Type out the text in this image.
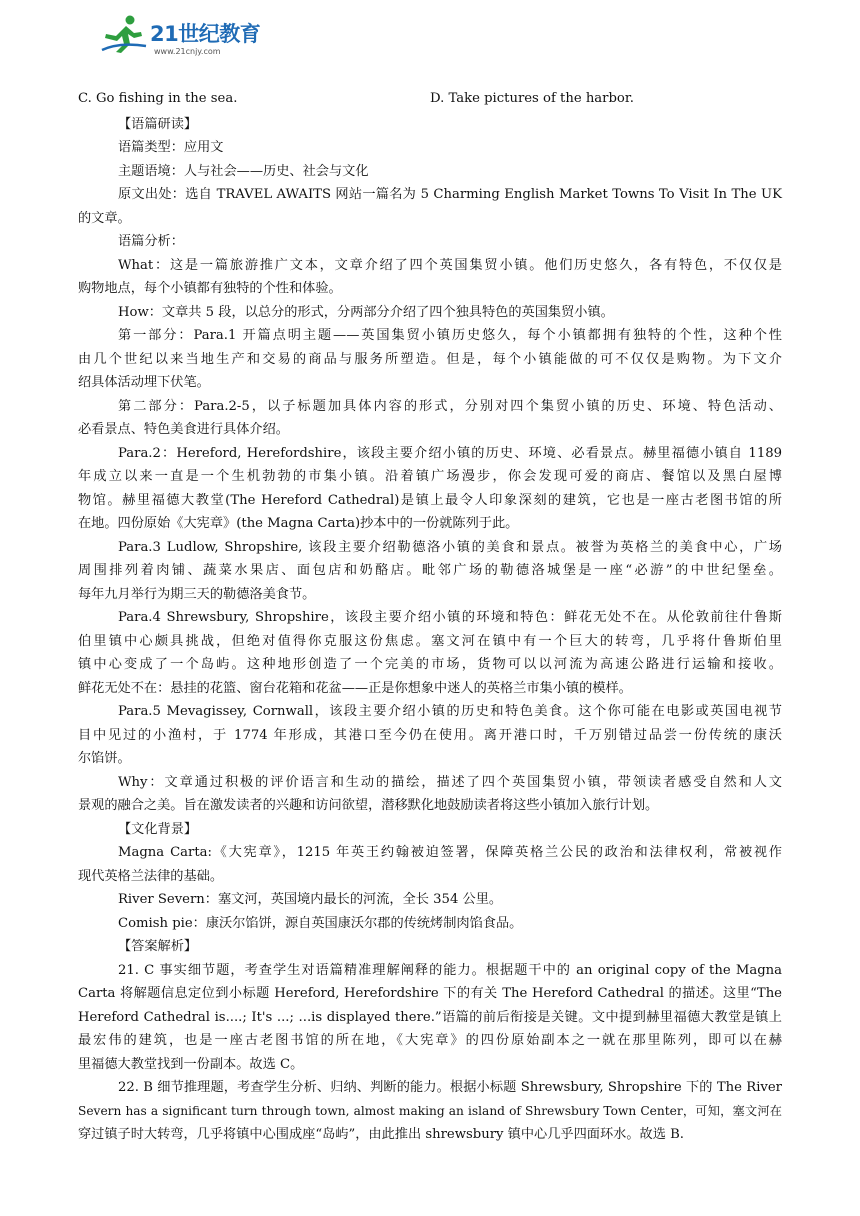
21世纪教育
www.21cnjy.com
C. Go fishing in the sea.	D. Take pictures of the harbor.
【语篇研读】
语篇类型：应用文
主题语境：人与社会——历史、社会与文化
原文出处：选自 TRAVEL AWAITS 网站一篇名为 5 Charming English Market Towns To Visit In The UK
的文章。
语篇分析：
What：这是一篇旅游推广文本，文章介绍了四个英国集贸小镇。他们历史悠久，各有特色，不仅仅是
购物地点，每个小镇都有独特的个性和体验。
How：文章共 5 段，以总分的形式，分两部分介绍了四个独具特色的英国集贸小镇。
第一部分：Para.1 开篇点明主题——英国集贸小镇历史悠久，每个小镇都拥有独特的个性，这种个性
由几个世纪以来当地生产和交易的商品与服务所塑造。但是，每个小镇能做的可不仅仅是购物。为下文介
绍具体活动埋下伏笔。
第二部分：Para.2-5，以子标题加具体内容的形式，分别对四个集贸小镇的历史、环境、特色活动、
必看景点、特色美食进行具体介绍。
Para.2：Hereford, Herefordshire，该段主要介绍小镇的历史、环境、必看景点。赫里福德小镇自 1189
年成立以来一直是一个生机勃勃的市集小镇。沿着镇广场漫步，你会发现可爱的商店、餐馆以及黑白屋博
物馆。赫里福德大教堂(The Hereford Cathedral)是镇上最令人印象深刻的建筑，它也是一座古老图书馆的所
在地。四份原始《大宪章》(the Magna Carta)抄本中的一份就陈列于此。
Para.3 Ludlow, Shropshire, 该段主要介绍勒德洛小镇的美食和景点。被誉为英格兰的美食中心，广场
周围排列着肉铺、蔬菜水果店、面包店和奶酪店。毗邻广场的勒德洛城堡是一座“必游”的中世纪堡垒。
每年九月举行为期三天的勒德洛美食节。
Para.4 Shrewsbury, Shropshire，该段主要介绍小镇的环境和特色：鲜花无处不在。从伦敦前往什鲁斯
伯里镇中心颇具挑战，但绝对值得你克服这份焦虑。塞文河在镇中有一个巨大的转弯，几乎将什鲁斯伯里
镇中心变成了一个岛屿。这种地形创造了一个完美的市场，货物可以以河流为高速公路进行运输和接收。
鲜花无处不在：悬挂的花篮、窗台花箱和花盆——正是你想象中迷人的英格兰市集小镇的模样。
Para.5 Mevagissey, Cornwall，该段主要介绍小镇的历史和特色美食。这个你可能在电影或英国电视节
目中见过的小渔村，于 1774 年形成，其港口至今仍在使用。离开港口时，千万别错过品尝一份传统的康沃
尔馅饼。
Why：文章通过积极的评价语言和生动的描绘，描述了四个英国集贸小镇，带领读者感受自然和人文
景观的融合之美。旨在激发读者的兴趣和访问欲望，潜移默化地鼓励读者将这些小镇加入旅行计划。
【文化背景】
Magna Carta:《大宪章》，1215 年英王约翰被迫签署，保障英格兰公民的政治和法律权利，常被视作
现代英格兰法律的基础。
River Severn：塞文河，英国境内最长的河流，全长 354 公里。
Comish pie：康沃尔馅饼，源自英国康沃尔郡的传统烤制肉馅食品。
【答案解析】
21. C 事实细节题，考查学生对语篇精准理解阐释的能力。根据题干中的 an original copy of the Magna
Carta 将解题信息定位到小标题 Hereford, Herefordshire 下的有关 The Hereford Cathedral 的描述。这里“The
Hereford Cathedral is....; It's ...; ...is displayed there.”语篇的前后衔接是关键。文中提到赫里福德大教堂是镇上
最宏伟的建筑，也是一座古老图书馆的所在地，《大宪章》的四份原始副本之一就在那里陈列，即可以在赫
里福德大教堂找到一份副本。故选 C。
22. B 细节推理题，考查学生分析、归纳、判断的能力。根据小标题 Shrewsbury, Shropshire 下的 The River
Severn has a significant turn through town, almost making an island of Shrewsbury Town Center，可知，塞文河在
穿过镇子时大转弯，几乎将镇中心围成座“岛屿”，由此推出 shrewsbury 镇中心几乎四面环水。故选 B.
